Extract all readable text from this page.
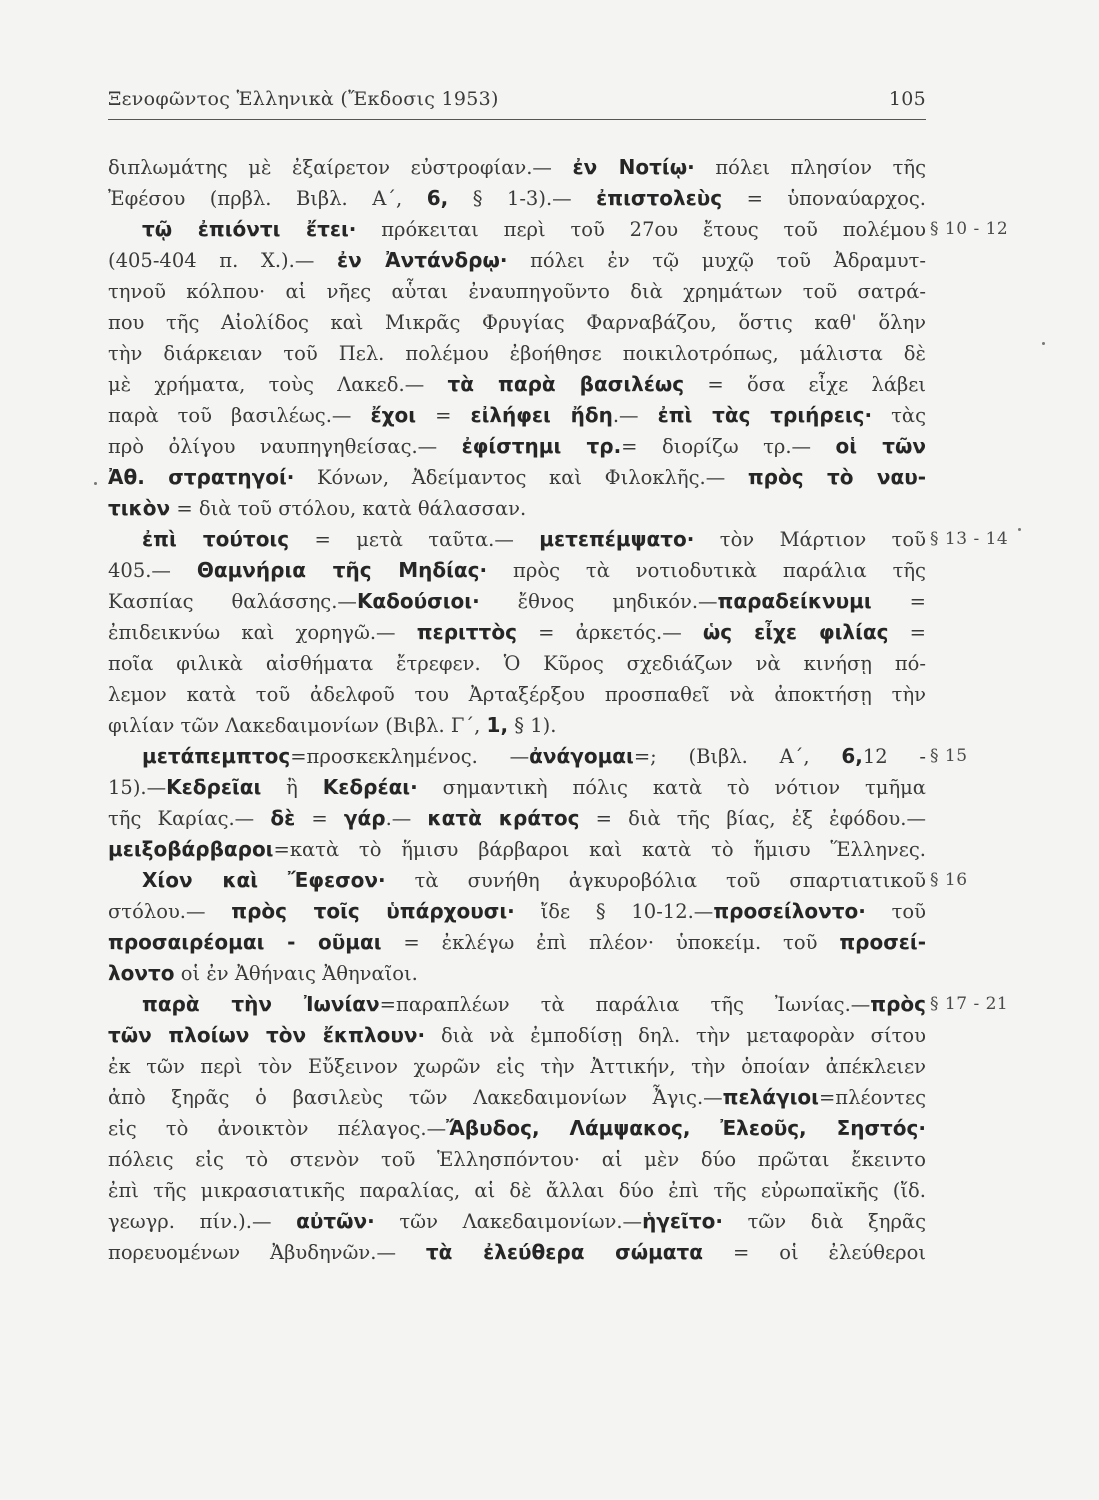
Ξενοφῶντος Ἑλληνικὰ (Ἔκδοσις 1953)	105
διπλωμάτης μὲ ἐξαίρετον εὐστροφίαν.— ἐν Νοτίῳ· πόλει πλησίον τῆς
Ἐφέσου (πρβλ. Βιβλ. Α΄, 6, § 1-3).— ἐπιστολεὺς = ὑποναύαρχος.
τῷ ἐπιόντι ἔτει· πρόκειται περὶ τοῦ 27ου ἔτους τοῦ πολέμου § 10 - 12
(405-404 π. Χ.).— ἐν Ἀντάνδρῳ· πόλει ἐν τῷ μυχῷ τοῦ Ἀδραμυτ-
τηνοῦ κόλπου· αἱ νῆες αὗται ἐναυπηγοῦντο διὰ χρημάτων τοῦ σατρά-
που τῆς Αἰολίδος καὶ Μικρᾶς Φρυγίας Φαρναβάζου, ὅστις καθ' ὅλην
τὴν διάρκειαν τοῦ Πελ. πολέμου ἐβοήθησε ποικιλοτρόπως, μάλιστα δὲ
μὲ χρήματα, τοὺς Λακεδ.— τὰ παρὰ βασιλέως = ὅσα εἶχε λάβει
παρὰ τοῦ βασιλέως.— ἔχοι = εἰλήφει ἤδη.— ἐπὶ τὰς τριήρεις· τὰς
πρὸ ὀλίγου ναυπηγηθείσας.— ἐφίστημι τρ.= διορίζω τρ.— οἱ τῶν
Ἀθ. στρατηγοί· Κόνων, Ἀδείμαντος καὶ Φιλοκλῆς.— πρὸς τὸ ναυ-
τικὸν = διὰ τοῦ στόλου, κατὰ θάλασσαν.
ἐπὶ τούτοις = μετὰ ταῦτα.— μετεπέμψατο· τὸν Μάρτιον τοῦ § 13 - 14
405.— Θαμνήρια τῆς Μηδίας· πρὸς τὰ νοτιοδυτικὰ παράλια τῆς
Κασπίας θαλάσσης.—Καδούσιοι· ἔθνος μηδικόν.—παραδείκνυμι =
ἐπιδεικνύω καὶ χορηγῶ.— περιττὸς = ἀρκετός.— ὡς εἶχε φιλίας =
ποῖα φιλικὰ αἰσθήματα ἔτρεφεν. Ὁ Κῦρος σχεδιάζων νὰ κινήσῃ πό-
λεμον κατὰ τοῦ ἀδελφοῦ του Ἀρταξέρξου προσπαθεῖ νὰ ἀποκτήσῃ τὴν
φιλίαν τῶν Λακεδαιμονίων (Βιβλ. Γ΄, 1, § 1).
μετάπεμπτος=προσκεκλημένος. —ἀνάγομαι=; (Βιβλ. Α΄, 6,12 - § 15
15).—Κεδρεῖαι ἢ Κεδρέαι· σημαντικὴ πόλις κατὰ τὸ νότιον τμῆμα
τῆς Καρίας.— δὲ = γάρ.— κατὰ κράτος = διὰ τῆς βίας, ἐξ ἐφόδου.—
μειξοβάρβαροι=κατὰ τὸ ἥμισυ βάρβαροι καὶ κατὰ τὸ ἥμισυ Ἕλληνες.
Χίον καὶ Ἔφεσον· τὰ συνήθη ἀγκυροβόλια τοῦ σπαρτιατικοῦ § 16
στόλου.— πρὸς τοῖς ὑπάρχουσι· ἴδε § 10-12.—προσείλοντο· τοῦ
προσαιρέομαι - οῦμαι = ἐκλέγω ἐπὶ πλέον· ὑποκείμ. τοῦ προσεί-
λοντο οἱ ἐν Ἀθήναις Ἀθηναῖοι.
παρὰ τὴν Ἰωνίαν=παραπλέων τὰ παράλια τῆς Ἰωνίας.—πρὸς § 17 - 21
τῶν πλοίων τὸν ἔκπλουν· διὰ νὰ ἐμποδίσῃ δηλ. τὴν μεταφορὰν σίτου
ἐκ τῶν περὶ τὸν Εὔξεινον χωρῶν εἰς τὴν Ἀττικήν, τὴν ὁποίαν ἀπέκλειεν
ἀπὸ ξηρᾶς ὁ βασιλεὺς τῶν Λακεδαιμονίων Ἆγις.—πελάγιοι=πλέοντες
εἰς τὸ ἀνοικτὸν πέλαγος.—Ἄβυδος, Λάμψακος, Ἐλεοῦς, Σηστός·
πόλεις εἰς τὸ στενὸν τοῦ Ἑλλησπόντου· αἱ μὲν δύο πρῶται ἔκειντο
ἐπὶ τῆς μικρασιατικῆς παραλίας, αἱ δὲ ἄλλαι δύο ἐπὶ τῆς εὐρωπαϊκῆς (ἴδ.
γεωγρ. πίν.).— αὐτῶν· τῶν Λακεδαιμονίων.—ἡγεῖτο· τῶν διὰ ξηρᾶς
πορευομένων Ἀβυδηνῶν.— τὰ ἐλεύθερα σώματα = οἱ ἐλεύθεροι
